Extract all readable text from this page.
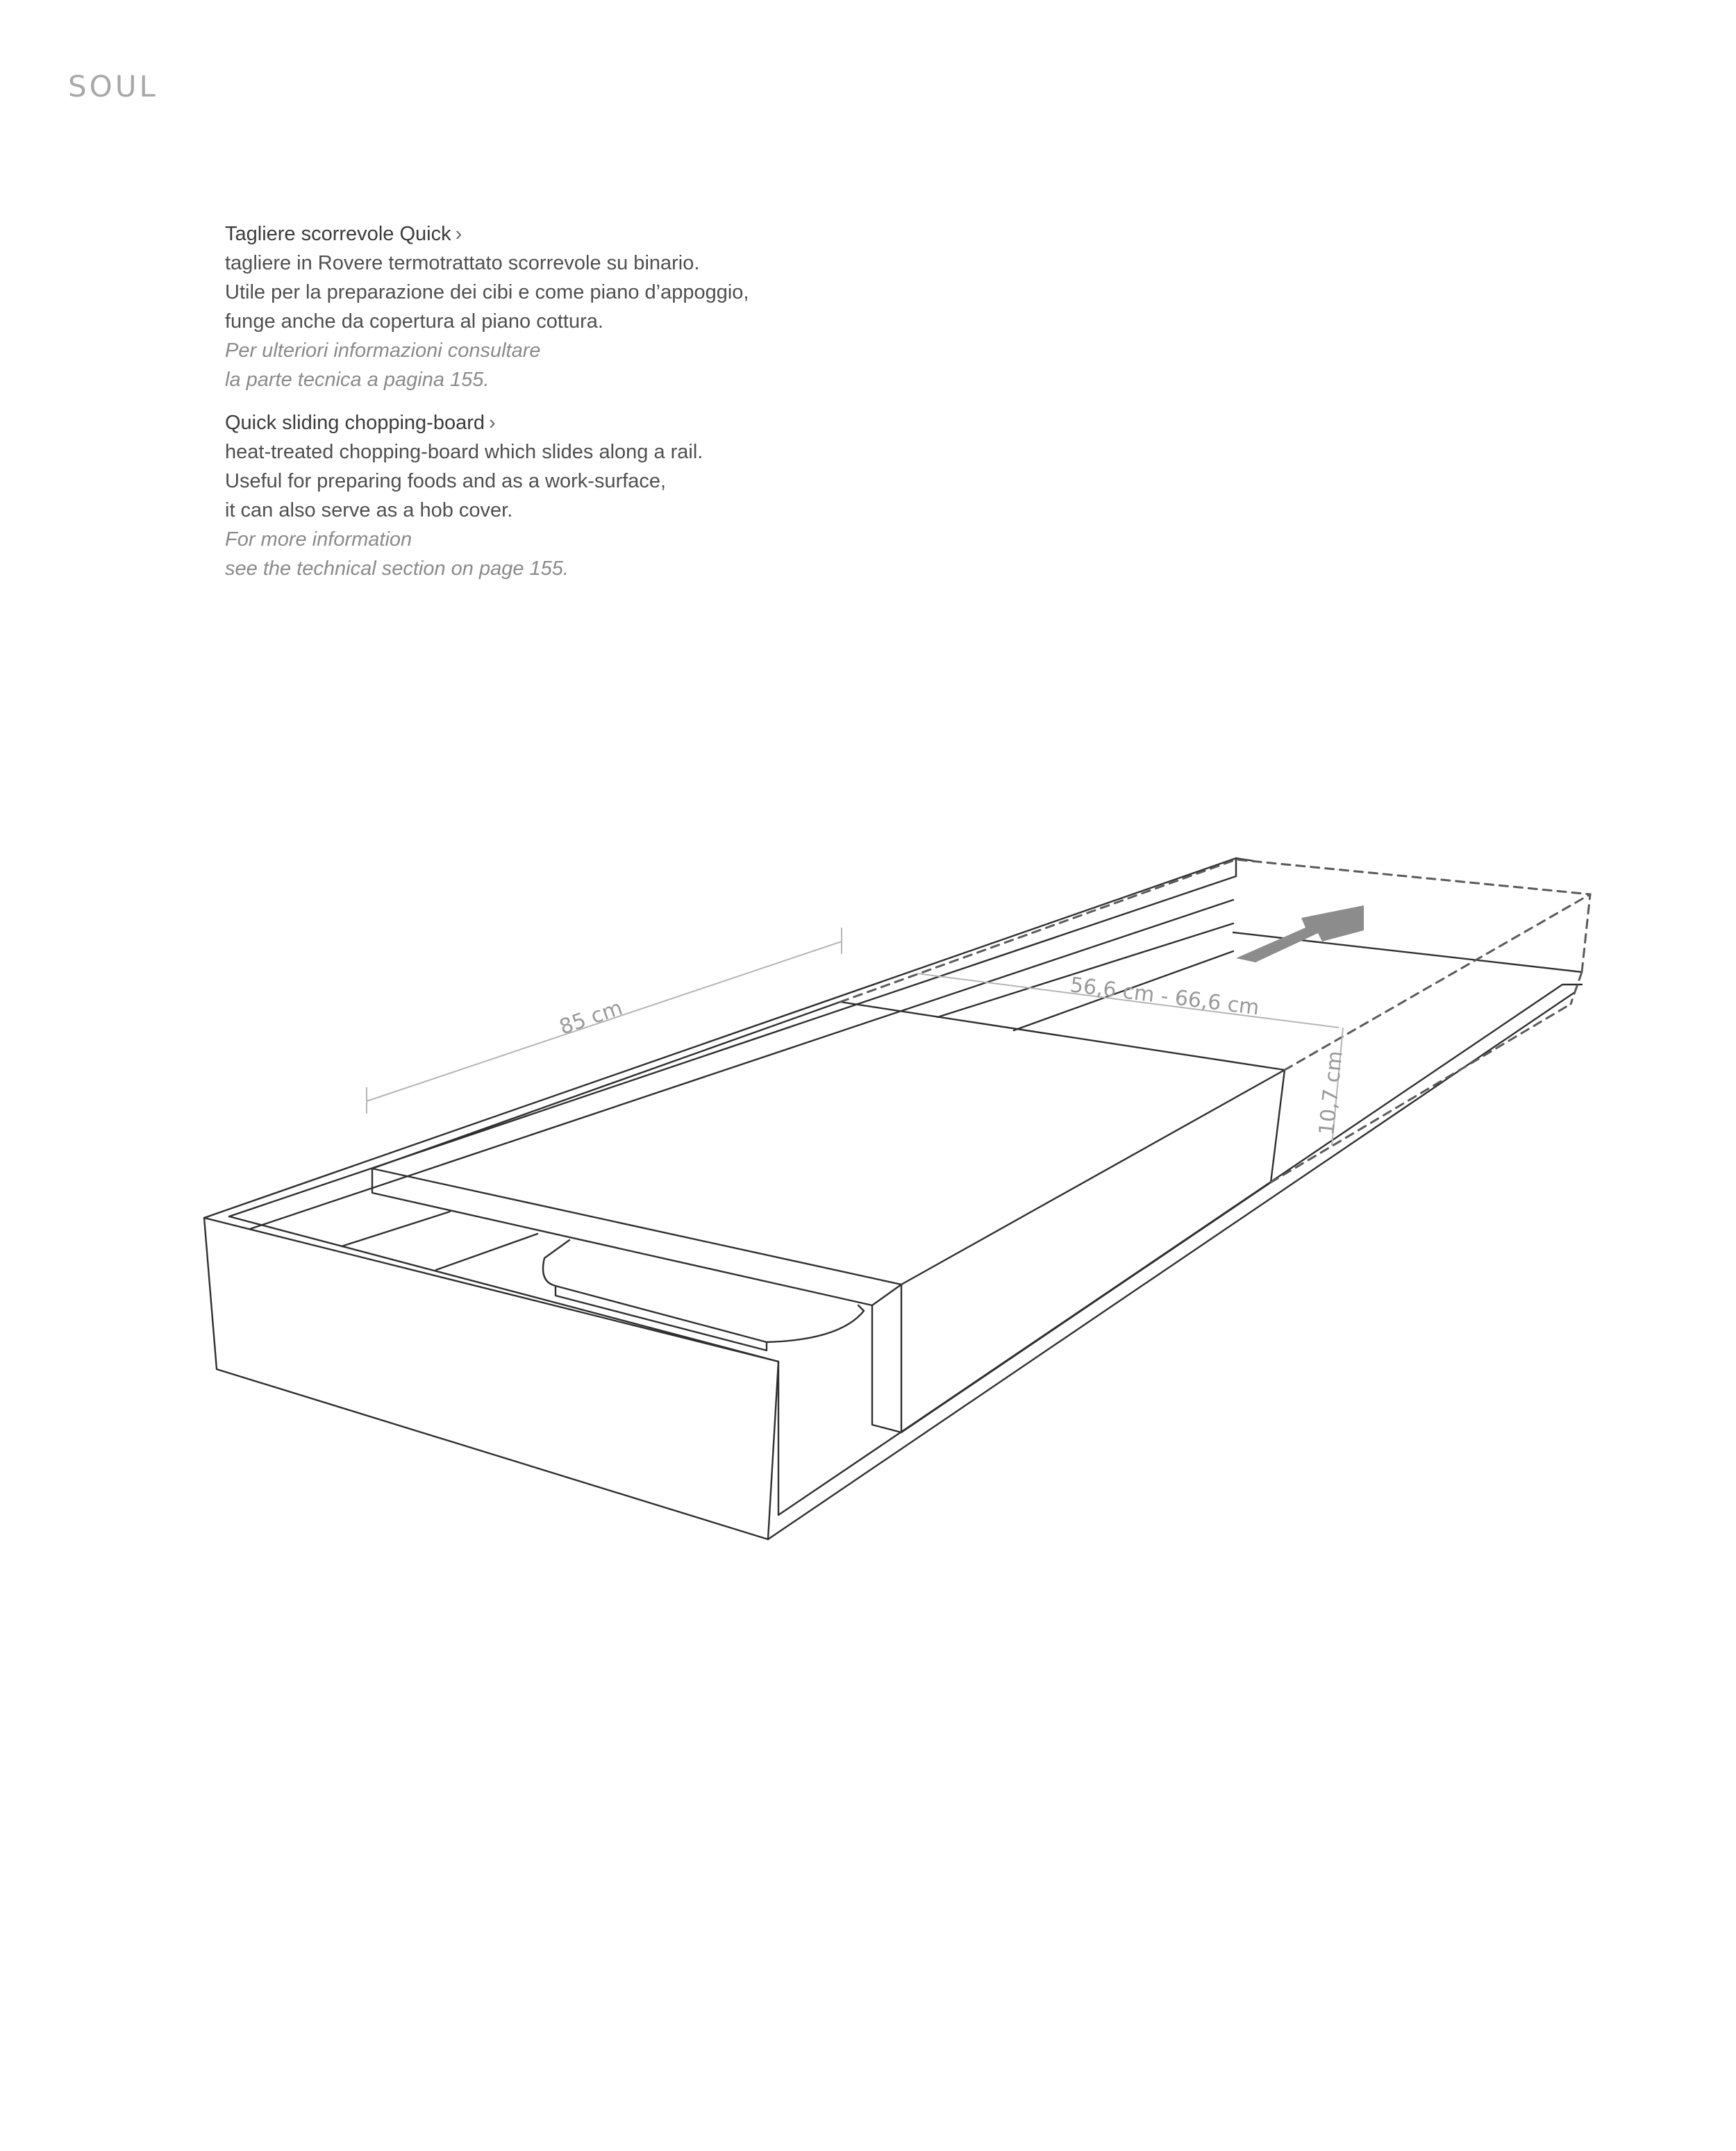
SOUL
Tagliere scorrevole Quick ›
tagliere in Rovere termotrattato scorrevole su binario.
Utile per la preparazione dei cibi e come piano d’appoggio,
funge anche da copertura al piano cottura.
Per ulteriori informazioni consultare
la parte tecnica a pagina 155.
Quick sliding chopping-board ›
heat-treated chopping-board which slides along a rail.
Useful for preparing foods and as a work-surface,
it can also serve as a hob cover.
For more information
see the technical section on page 155.
85 cm	56,6 cm - 66,6 cm
10,7 cm
